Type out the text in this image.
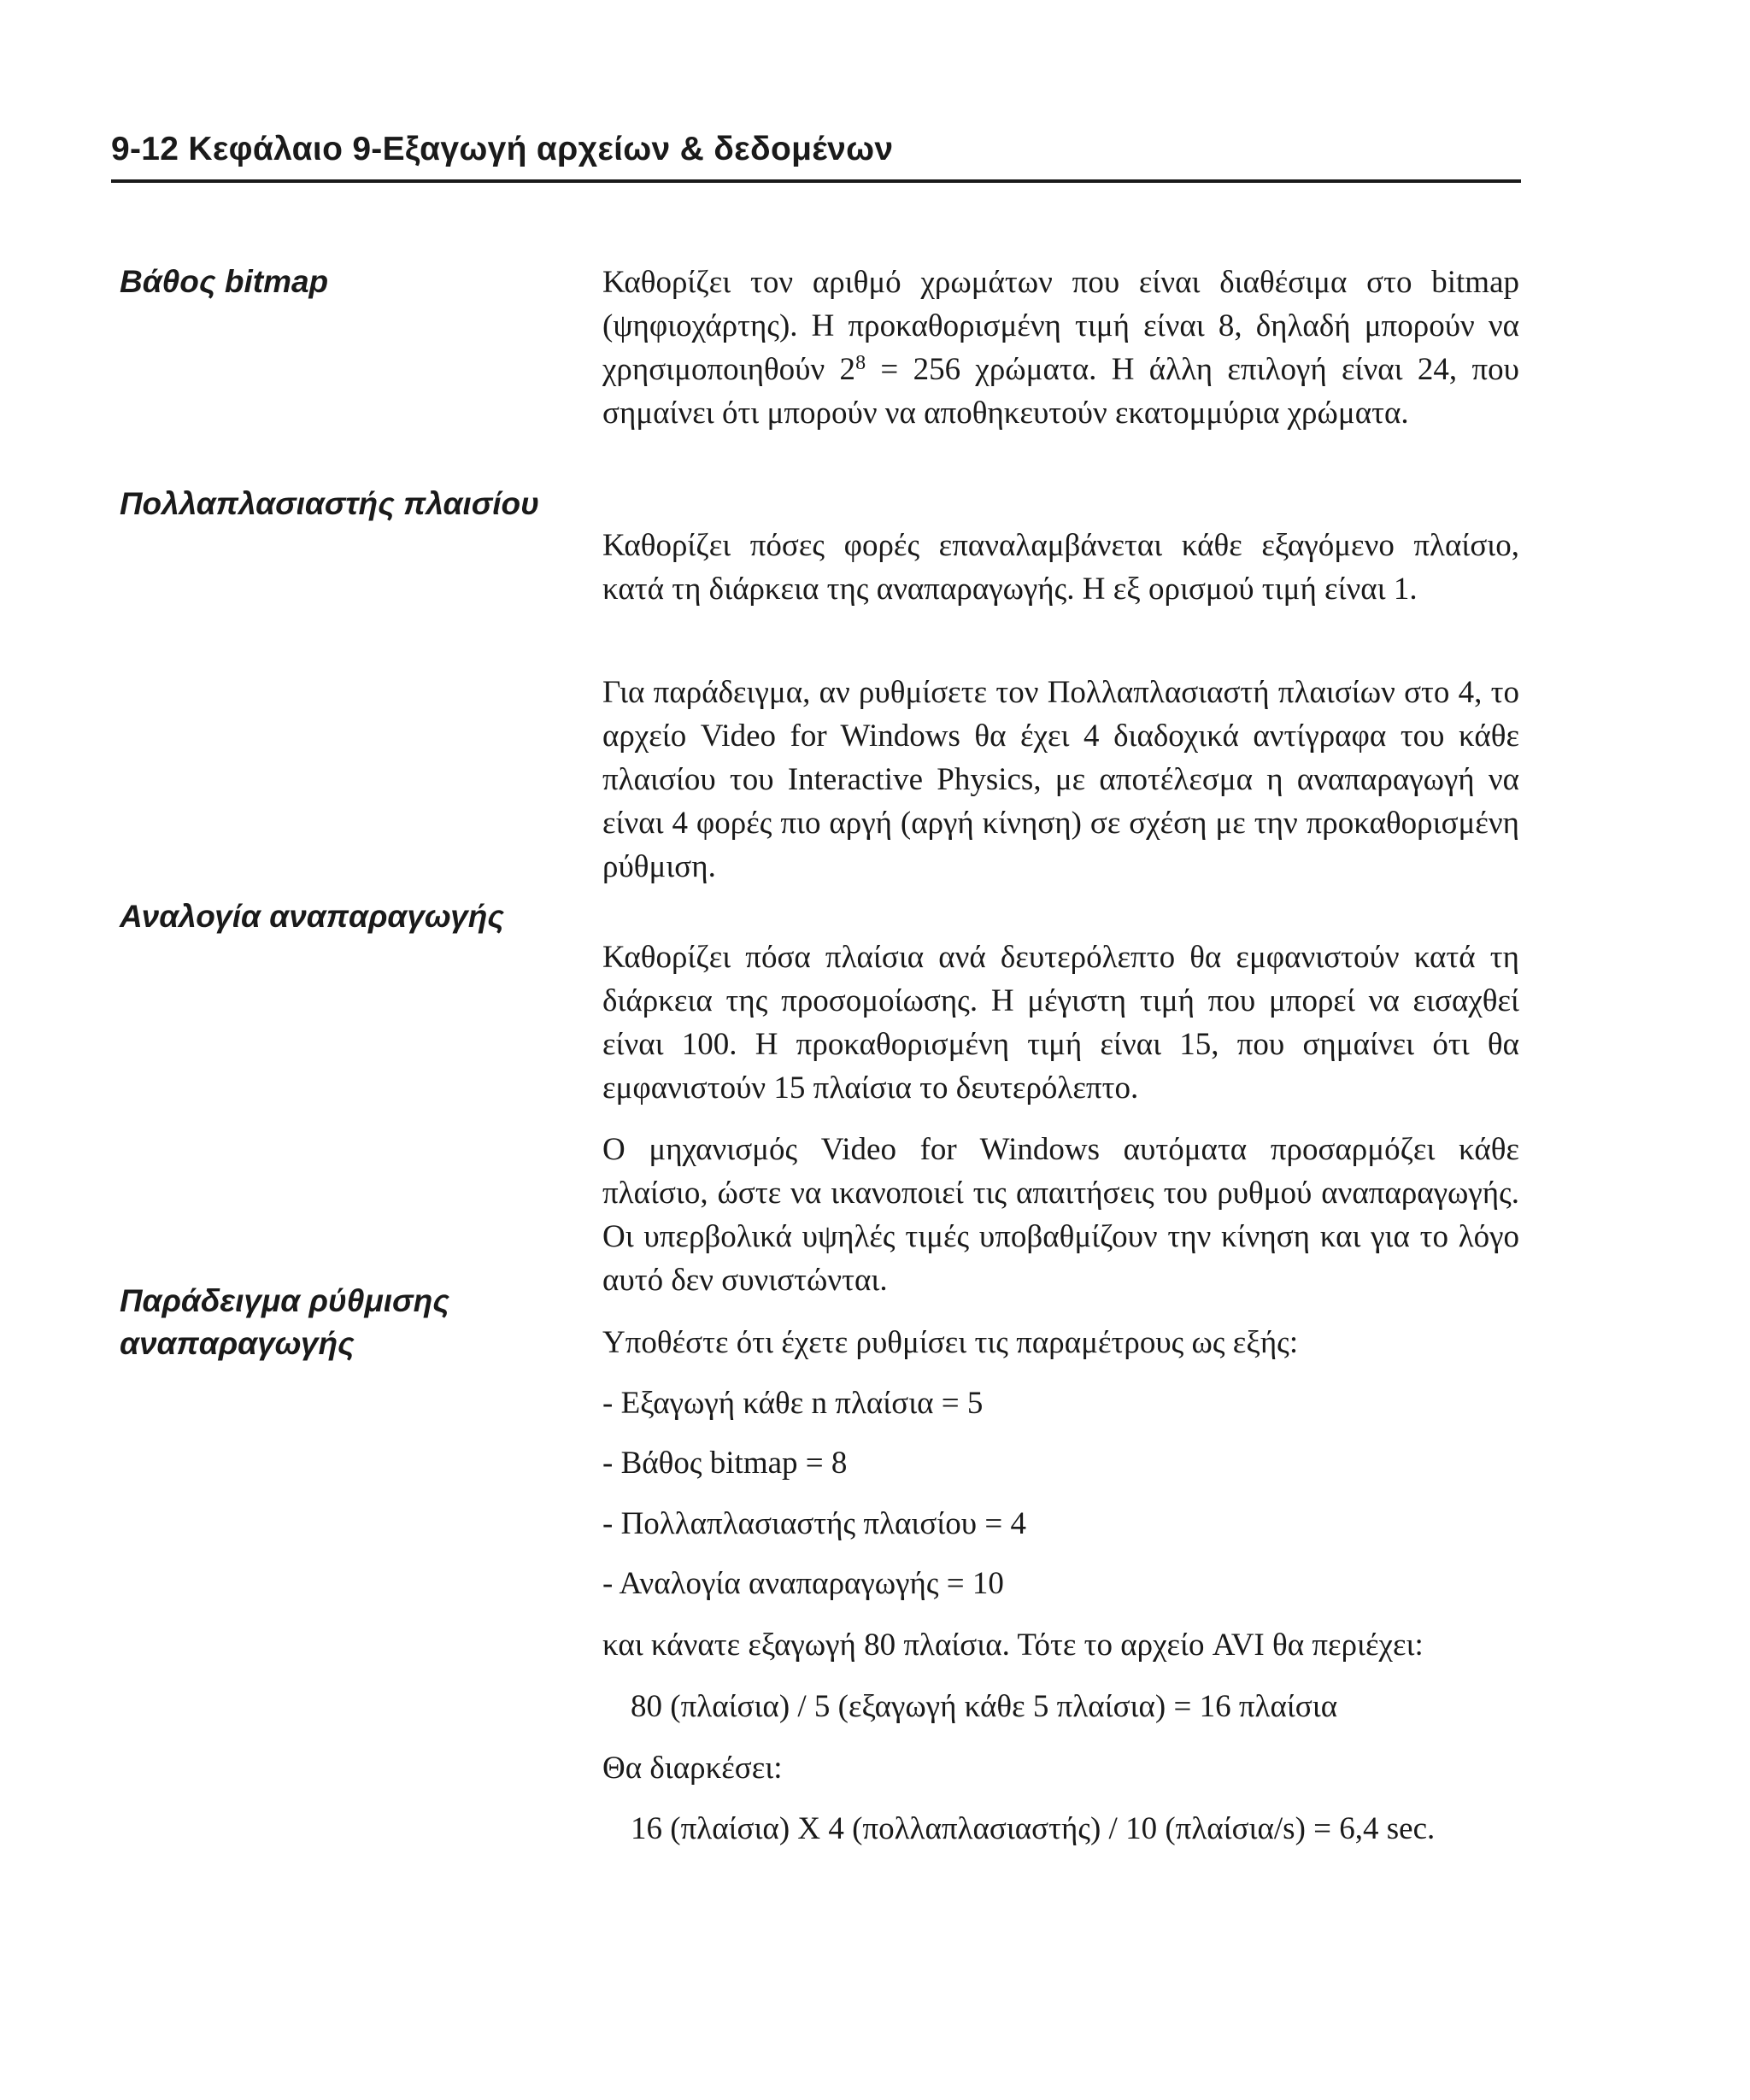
9-12 Κεφάλαιο 9-Εξαγωγή αρχείων & δεδομένων
Βάθος bitmap
Πολλαπλασιαστής πλαισίου
Αναλογία αναπαραγωγής
Παράδειγμα ρύθμισης
αναπαραγωγής

Καθορίζει τον αριθμό χρωμάτων που είναι διαθέσιμα στο bitmap (ψηφιοχάρτης). Η προκαθορισμένη τιμή είναι 8, δηλαδή μπορούν να χρησιμοποιηθούν $2^8 = 256$ χρώματα. Η άλλη επιλογή είναι 24, που σημαίνει ότι μπορούν να αποθηκευτούν εκατομμύρια χρώματα.

Καθορίζει πόσες φορές επαναλαμβάνεται κάθε εξαγόμενο πλαίσιο, κατά τη διάρκεια της αναπαραγωγής. Η εξ ορισμού τιμή είναι 1.

Για παράδειγμα, αν ρυθμίσετε τον Πολλαπλασιαστή πλαισίων στο 4, το αρχείο Video for Windows θα έχει 4 διαδοχικά αντίγραφα του κάθε πλαισίου του Interactive Physics, με αποτέλεσμα η αναπαραγωγή να είναι 4 φορές πιο αργή (αργή κίνηση) σε σχέση με την προκαθορισμένη ρύθμιση.

Καθορίζει πόσα πλαίσια ανά δευτερόλεπτο θα εμφανιστούν κατά τη διάρκεια της προσομοίωσης. Η μέγιστη τιμή που μπορεί να εισαχθεί είναι 100. Η προκαθορισμένη τιμή είναι 15, που σημαίνει ότι θα εμφανιστούν 15 πλαίσια το δευτερόλεπτο.

Ο μηχανισμός Video for Windows αυτόματα προσαρμόζει κάθε πλαίσιο, ώστε να ικανοποιεί τις απαιτήσεις του ρυθμού αναπαραγωγής. Οι υπερβολικά υψηλές τιμές υποβαθμίζουν την κίνηση και για το λόγο αυτό δεν συνιστώνται.

Υποθέστε ότι έχετε ρυθμίσει τις παραμέτρους ως εξής:

- Εξαγωγή κάθε n πλαίσια = 5

- Βάθος bitmap = 8

- Πολλαπλασιαστής πλαισίου = 4

- Αναλογία αναπαραγωγής = 10

και κάνατε εξαγωγή 80 πλαίσια. Τότε το αρχείο AVI θα περιέχει:

80 (πλαίσια) / 5 (εξαγωγή κάθε 5 πλαίσια) = 16 πλαίσια

Θα διαρκέσει:

16 (πλαίσια) X 4 (πολλαπλασιαστής) / 10 (πλαίσια/s) = 6,4 sec.
